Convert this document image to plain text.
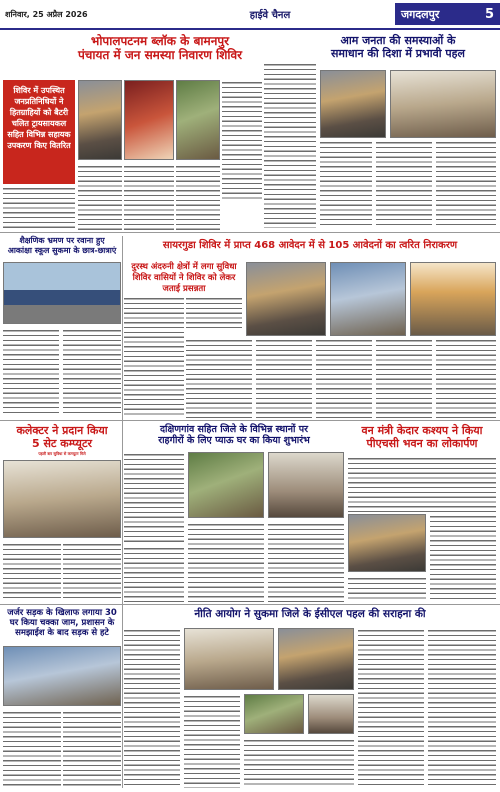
शनिवार, 25 अप्रैल 2026	हाईवे चैनल	जगदलपुर	5
भोपालपटनम ब्लॉक के बामनपुर
पंचायत में जन समस्या निवारण शिविर
शिविर में उपस्थित जनप्रतिनिधियों ने हितग्राहियों को बैटरी चलित ट्रायसायकल सहित विभिन्न सहायक उपकरण किए वितरित
आम जनता की समस्याओं के
समाधान की दिशा में प्रभावी पहल
शैक्षणिक भ्रमण पर रवाना हुए
आकांक्षा स्कूल सुकमा के छात्र-छात्राएं	सायरगुडा शिविर में प्राप्त 468 आवेदन में से 105 आवेदनों का त्वरित निराकरण
दुरस्थ अंदरुनी क्षेत्रों में लगा सुविधा शिविर वासियों ने शिविर को लेकर जताई प्रसन्नता
कलेक्टर ने प्रदान किया
5 सेट कम्प्यूटर
पहली बार सुविधा से कम्प्यूटर मिले
दक्षिणगांव सहित जिले के विभिन्न स्थानों पर
राहगीरों के लिए प्याऊ घर का किया शुभारंभ
वन मंत्री केदार कश्यप ने किया
पीएचसी भवन का लोकार्पण
जर्जर सड़क के खिलाफ लगाया 30
घर किया चक्का जाम, प्रशासन के
समझाईश के बाद सड़क से हटे
नीति आयोग ने सुकमा जिले के ईसीएल पहल की सराहना की
